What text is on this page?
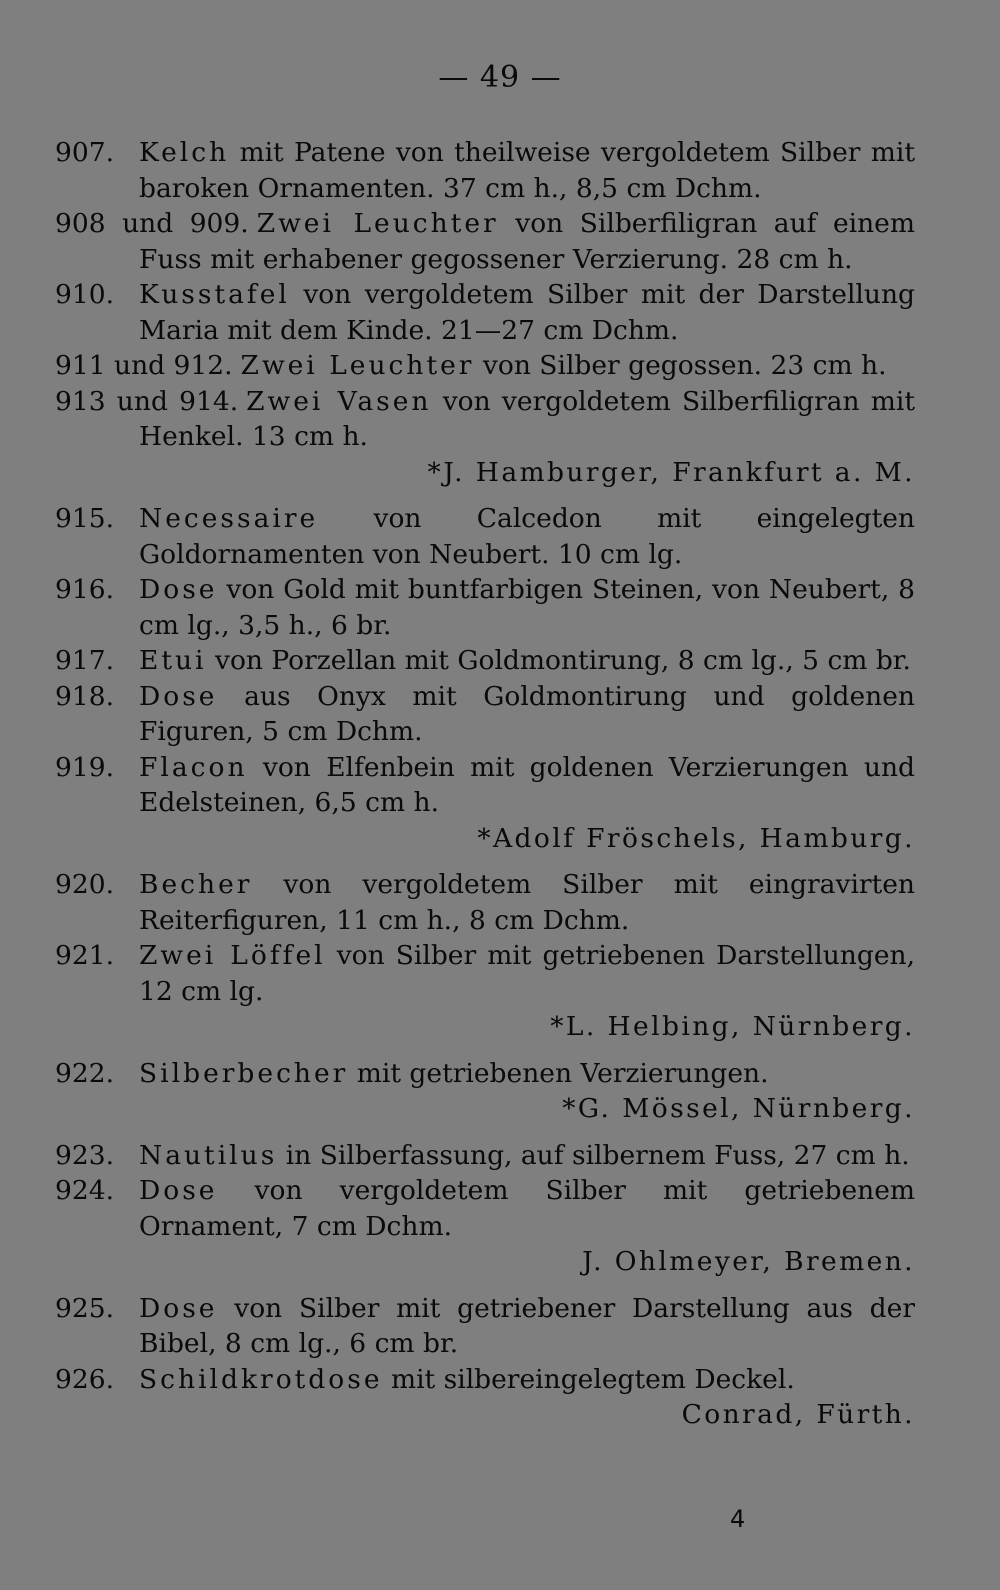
— 49 —
907. Kelch mit Patene von theilweise vergoldetem Silber mit baroken Ornamenten. 37 cm h., 8,5 cm Dchm.
908 und 909. Zwei Leuchter von Silberfiligran auf einem Fuss mit erhabener gegossener Verzierung. 28 cm h.
910. Kusstafel von vergoldetem Silber mit der Darstellung Maria mit dem Kinde. 21—27 cm Dchm.
911 und 912. Zwei Leuchter von Silber gegossen. 23 cm h.
913 und 914. Zwei Vasen von vergoldetem Silberfiligran mit Henkel. 13 cm h.
*J. Hamburger, Frankfurt a. M.
915. Necessaire von Calcedon mit eingelegten Goldornamenten von Neubert. 10 cm lg.
916. Dose von Gold mit buntfarbigen Steinen, von Neubert, 8 cm lg., 3,5 h., 6 br.
917. Etui von Porzellan mit Goldmontirung, 8 cm lg., 5 cm br.
918. Dose aus Onyx mit Goldmontirung und goldenen Figuren, 5 cm Dchm.
919. Flacon von Elfenbein mit goldenen Verzierungen und Edelsteinen, 6,5 cm h.
*Adolf Fröschels, Hamburg.
920. Becher von vergoldetem Silber mit eingravirten Reiterfiguren, 11 cm h., 8 cm Dchm.
921. Zwei Löffel von Silber mit getriebenen Darstellungen, 12 cm lg.
*L. Helbing, Nürnberg.
922. Silberbecher mit getriebenen Verzierungen.
*G. Mössel, Nürnberg.
923. Nautilus in Silberfassung, auf silbernem Fuss, 27 cm h.
924. Dose von vergoldetem Silber mit getriebenem Ornament, 7 cm Dchm.
J. Ohlmeyer, Bremen.
925. Dose von Silber mit getriebener Darstellung aus der Bibel, 8 cm lg., 6 cm br.
926. Schildkrotdose mit silbereingelegtem Deckel.
Conrad, Fürth.
4
